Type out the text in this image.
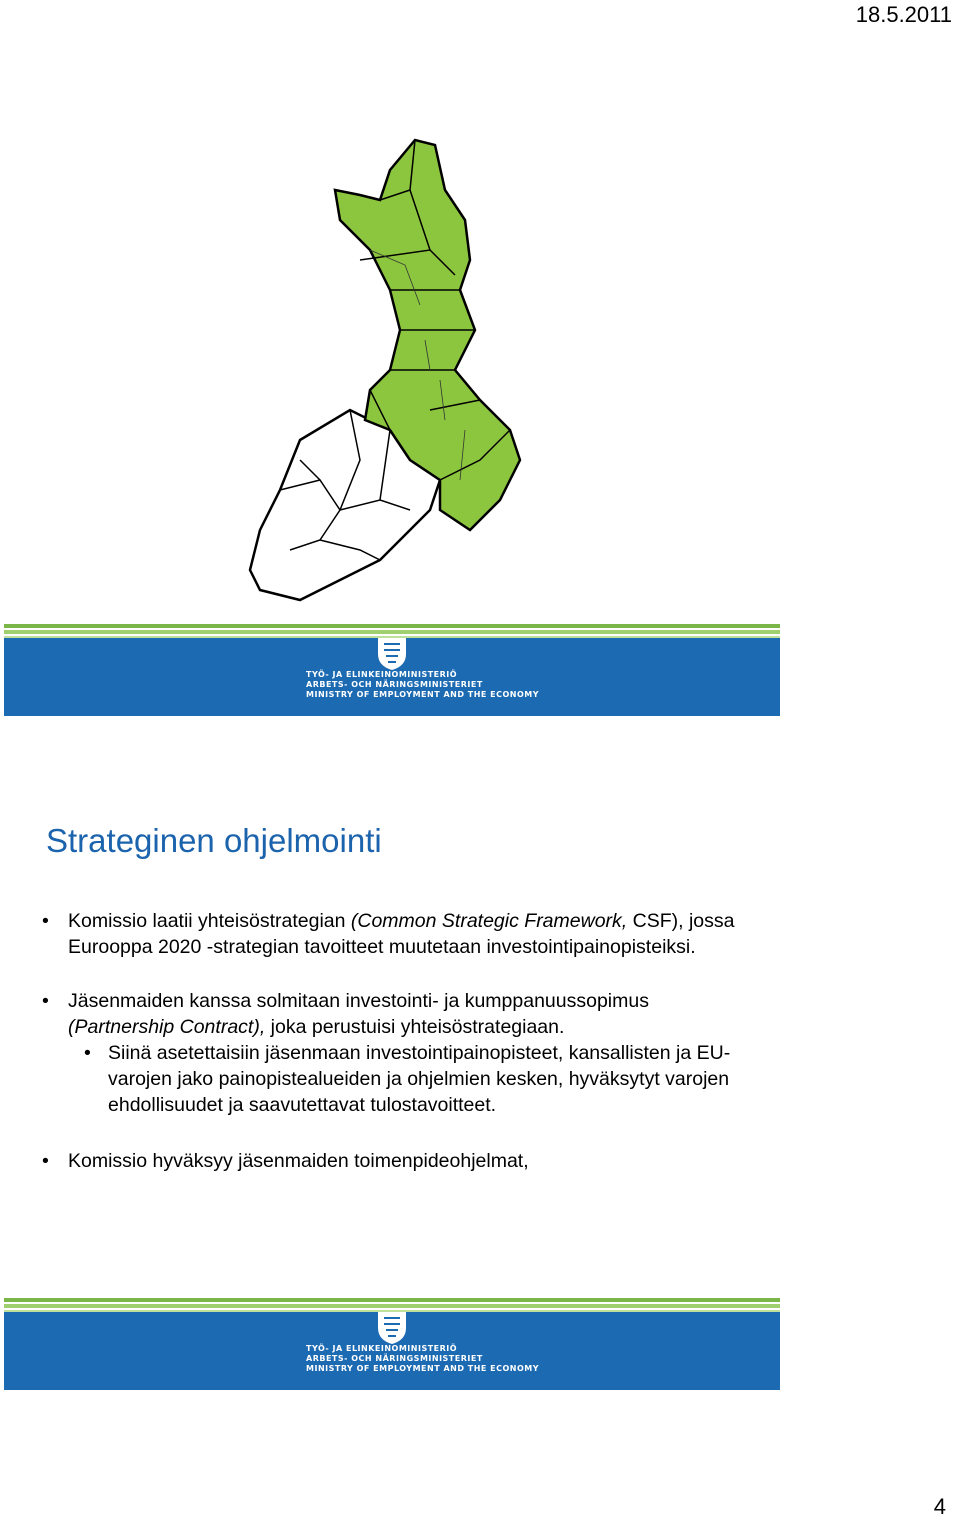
18.5.2011
TYÖ- JA ELINKEINOMINISTERIÖ
ARBETS- OCH NÄRINGSMINISTERIET
MINISTRY OF EMPLOYMENT AND THE ECONOMY
Strateginen ohjelmointi

• Komissio laatii yhteisöstrategian (Common Strategic Framework, CSF), jossa Eurooppa 2020 -strategian tavoitteet muutetaan investointipainopisteiksi.

• Jäsenmaiden kanssa solmitaan investointi- ja kumppanuussopimus (Partnership Contract), joka perustuisi yhteisöstrategiaan.

• Siinä asetettaisiin jäsenmaan investointipainopisteet, kansallisten ja EU-varojen jako painopistealueiden ja ohjelmien kesken, hyväksytyt varojen ehdollisuudet ja saavutettavat tulostavoitteet.

• Komissio hyväksyy jäsenmaiden toimenpideohjelmat,

TYÖ- JA ELINKEINOMINISTERIÖ
ARBETS- OCH NÄRINGSMINISTERIET
MINISTRY OF EMPLOYMENT AND THE ECONOMY
4
